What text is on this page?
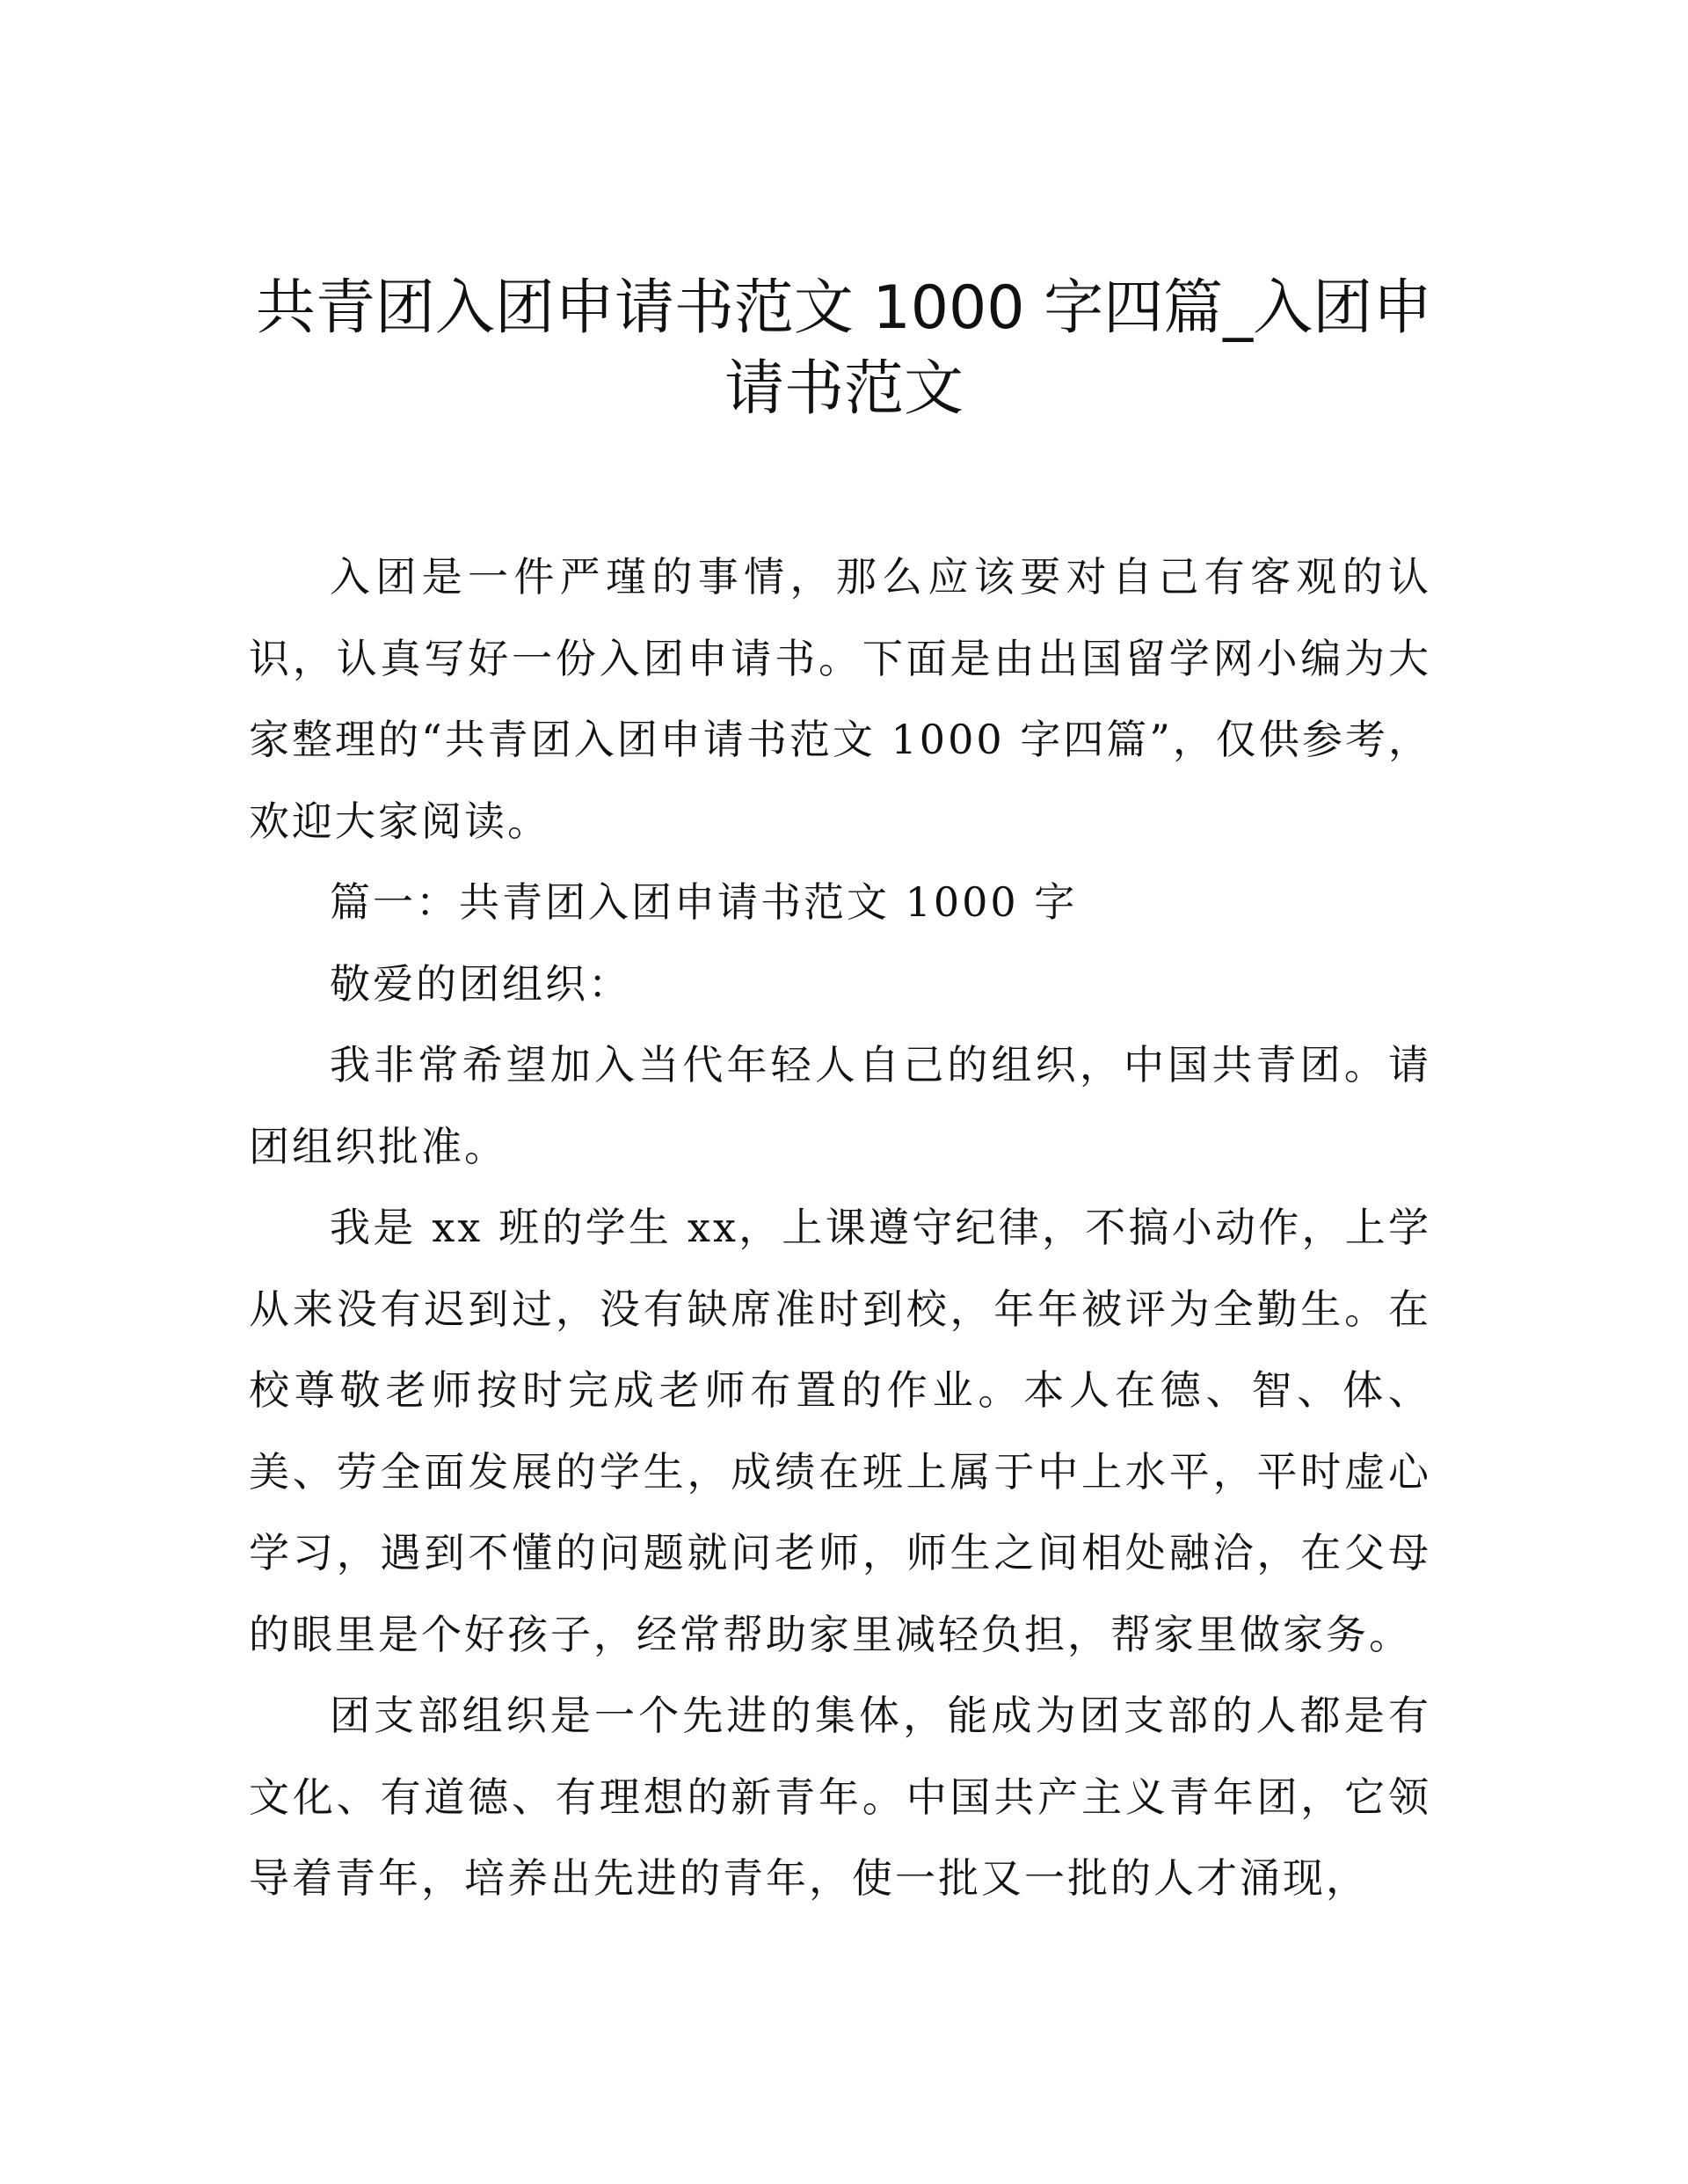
共青团入团申请书范文 1000 字四篇_入团申
请书范文

入团是一件严瑾的事情，那么应该要对自己有客观的认识，认真写好一份入团申请书。下面是由出国留学网小编为大家整理的“共青团入团申请书范文 1000 字四篇”，仅供参考，欢迎大家阅读。

篇一：共青团入团申请书范文 1000 字

敬爱的团组织：

我非常希望加入当代年轻人自己的组织，中国共青团。请团组织批准。

我是 xx 班的学生 xx，上课遵守纪律，不搞小动作，上学从来没有迟到过，没有缺席准时到校，年年被评为全勤生。在校尊敬老师按时完成老师布置的作业。本人在德、智、体、美、劳全面发展的学生，成绩在班上属于中上水平，平时虚心学习，遇到不懂的问题就问老师，师生之间相处融洽，在父母的眼里是个好孩子，经常帮助家里减轻负担，帮家里做家务。

团支部组织是一个先进的集体，能成为团支部的人都是有文化、有道德、有理想的新青年。中国共产主义青年团，它领导着青年，培养出先进的青年，使一批又一批的人才涌现，
